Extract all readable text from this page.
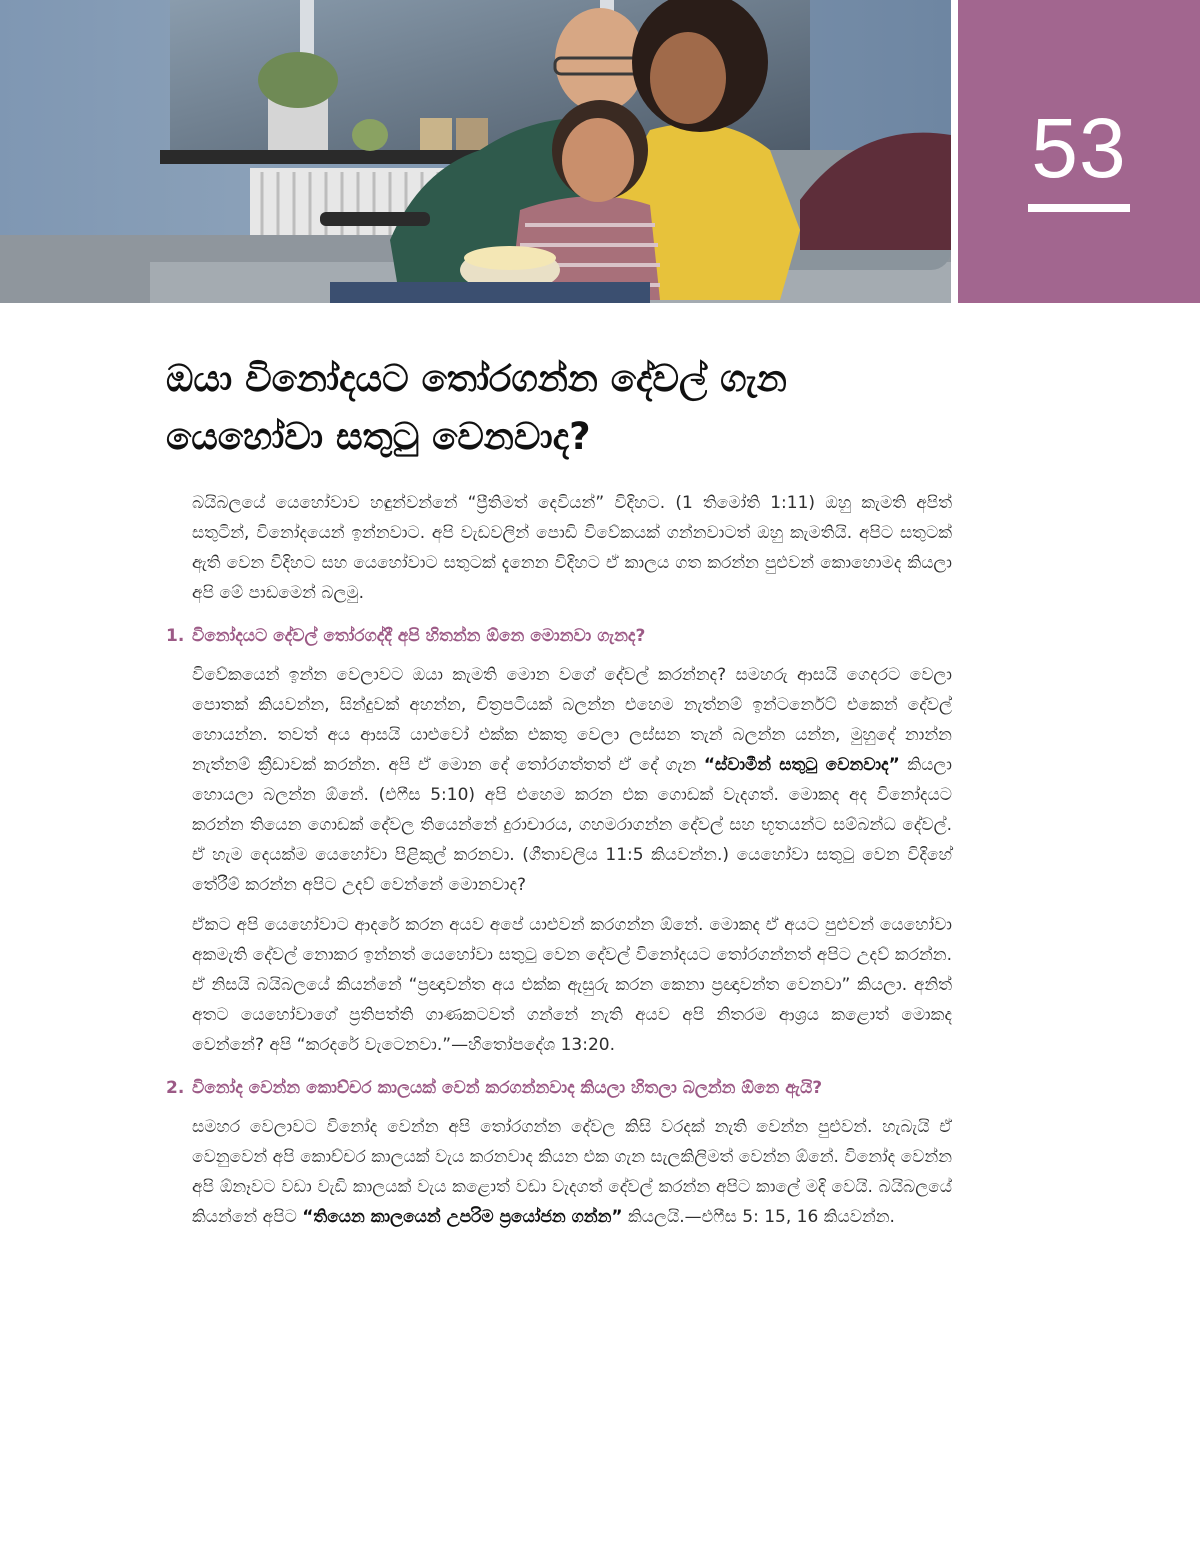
53
ඔයා විනෝදයට තෝරගන්න දේවල් ගැන යෙහෝවා සතුටු වෙනවාද?

බයිබලයේ යෙහෝවාව හඳුන්වන්නේ “ප්‍රීතිමත් දෙවියන්” විදිහට. (1 තිමෝති 1:11) ඔහු කැමති අපිත් සතුටින්, විනෝදයෙන් ඉන්නවාට. අපි වැඩවලින් පොඩි විවේකයක් ගන්නවාටත් ඔහු කැමතියි. අපිට සතුටක් ඇති වෙන විදිහට සහ යෙහෝවාට සතුටක් දැනෙන විදිහට ඒ කාලය ගත කරන්න පුළුවන් කොහොමද කියලා අපි මේ පාඩමෙන් බලමු.

1. විනෝදයට දේවල් තෝරගද්දී අපි හිතන්න ඕනෙ මොනවා ගැනද?

විවේකයෙන් ඉන්න වෙලාවට ඔයා කැමති මොන වගේ දේවල් කරන්නද? සමහරු ආසයි ගෙදරට වෙලා පොතක් කියවන්න, සින්දුවක් අහන්න, චිත්‍රපටියක් බලන්න එහෙම නැත්නම් ඉන්ටර්නෙට් එකෙන් දේවල් හොයන්න. තවත් අය ආසයි යාළුවෝ එක්ක එකතු වෙලා ලස්සන තැන් බලන්න යන්න, මුහුදේ නාන්න නැත්නම් ක්‍රීඩාවක් කරන්න. අපි ඒ මොන දේ තෝරගත්තත් ඒ දේ ගැන “ස්වාමීන් සතුටු වෙනවාද” කියලා හොයලා බලන්න ඕනේ. (එෆීස 5:10) අපි එහෙම කරන එක ගොඩක් වැදගත්. මොකද අද විනෝදයට කරන්න තියෙන ගොඩක් දේවල තියෙන්නේ දුරාචාරය, ගහමරාගන්න දේවල් සහ භූතයන්ට සම්බන්ධ දේවල්. ඒ හැම දෙයක්ම යෙහෝවා පිළිකුල් කරනවා. (ගීතාවලිය 11:5 කියවන්න.) යෙහෝවා සතුටු වෙන විදිහේ තේරීම් කරන්න අපිට උදව් වෙන්නේ මොනවාද?

ඒකට අපි යෙහෝවාට ආදරේ කරන අයව අපේ යාළුවන් කරගන්න ඕනේ. මොකද ඒ අයට පුළුවන් යෙහෝවා අකමැති දේවල් නොකර ඉන්නත් යෙහෝවා සතුටු වෙන දේවල් විනෝදයට තෝරගන්නත් අපිට උදව් කරන්න. ඒ නිසයි බයිබලයේ කියන්නේ “ප්‍රඥාවන්ත අය එක්ක ඇසුරු කරන කෙනා ප්‍රඥාවන්ත වෙනවා” කියලා. අනිත් අතට යෙහෝවාගේ ප්‍රතිපත්ති ගාණකටවත් ගන්නේ නැති අයව අපි නිතරම ආශ්‍රය කළොත් මොකද වෙන්නේ? අපි “කරදරේ වැටෙනවා.”—හිතෝපදේශ 13:20.

2. විනෝද වෙන්න කොච්චර කාලයක් වෙන් කරගන්නවාද කියලා හිතලා බලන්න ඕනෙ ඇයි?

සමහර වෙලාවට විනෝද වෙන්න අපි තෝරගන්න දේවල කිසි වරදක් නැති වෙන්න පුළුවන්. හැබැයි ඒ වෙනුවෙන් අපි කොච්චර කාලයක් වැය කරනවාද කියන එක ගැන සැලකිලිමත් වෙන්න ඕනේ. විනෝද වෙන්න අපි ඕනෑවට වඩා වැඩි කාලයක් වැය කළොත් වඩා වැදගත් දේවල් කරන්න අපිට කාලේ මදි වෙයි. බයිබලයේ කියන්නේ අපිට “තියෙන කාලයෙන් උපරිම ප්‍රයෝජන ගන්න” කියලයි.—එෆීස 5: 15, 16 කියවන්න.
